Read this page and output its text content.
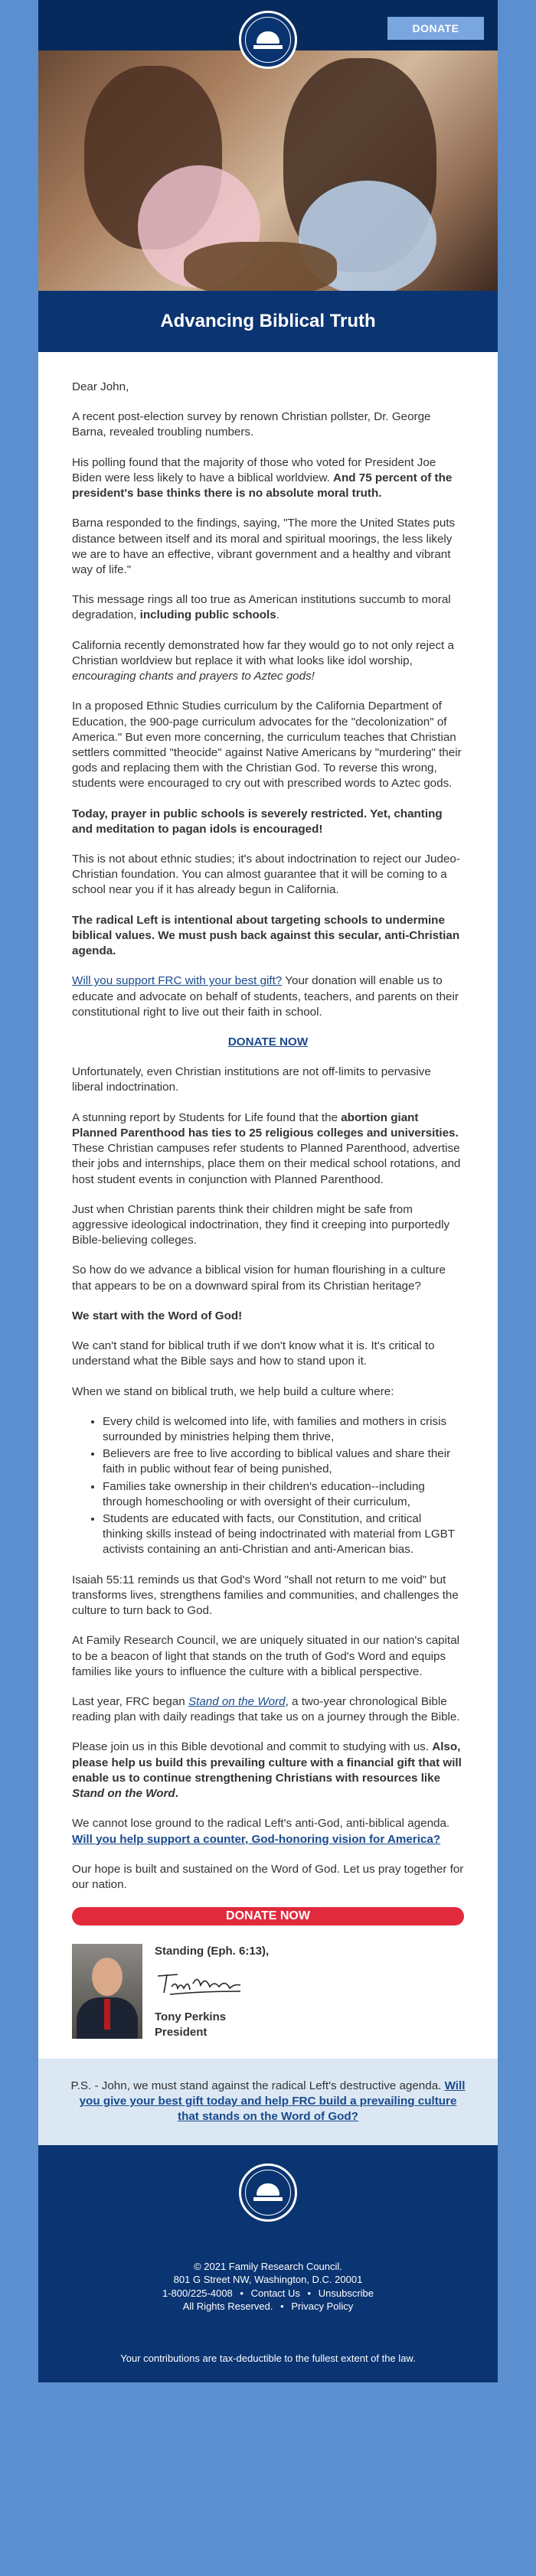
DONATE
Advancing Biblical Truth

Dear John,

A recent post-election survey by renown Christian pollster, Dr. George Barna, revealed troubling numbers.

His polling found that the majority of those who voted for President Joe Biden were less likely to have a biblical worldview. And 75 percent of the president's base thinks there is no absolute moral truth.

Barna responded to the findings, saying, "The more the United States puts distance between itself and its moral and spiritual moorings, the less likely we are to have an effective, vibrant government and a healthy and vibrant way of life."

This message rings all too true as American institutions succumb to moral degradation, including public schools.

California recently demonstrated how far they would go to not only reject a Christian worldview but replace it with what looks like idol worship, encouraging chants and prayers to Aztec gods!

In a proposed Ethnic Studies curriculum by the California Department of Education, the 900-page curriculum advocates for the "decolonization" of America." But even more concerning, the curriculum teaches that Christian settlers committed "theocide" against Native Americans by "murdering" their gods and replacing them with the Christian God. To reverse this wrong, students were encouraged to cry out with prescribed words to Aztec gods.

Today, prayer in public schools is severely restricted. Yet, chanting and meditation to pagan idols is encouraged!

This is not about ethnic studies; it's about indoctrination to reject our Judeo-Christian foundation. You can almost guarantee that it will be coming to a school near you if it has already begun in California.

The radical Left is intentional about targeting schools to undermine biblical values. We must push back against this secular, anti-Christian agenda.

Will you support FRC with your best gift? Your donation will enable us to educate and advocate on behalf of students, teachers, and parents on their constitutional right to live out their faith in school.

DONATE NOW

Unfortunately, even Christian institutions are not off-limits to pervasive liberal indoctrination.

A stunning report by Students for Life found that the abortion giant Planned Parenthood has ties to 25 religious colleges and universities. These Christian campuses refer students to Planned Parenthood, advertise their jobs and internships, place them on their medical school rotations, and host student events in conjunction with Planned Parenthood.

Just when Christian parents think their children might be safe from aggressive ideological indoctrination, they find it creeping into purportedly Bible-believing colleges.

So how do we advance a biblical vision for human flourishing in a culture that appears to be on a downward spiral from its Christian heritage?

We start with the Word of God!

We can't stand for biblical truth if we don't know what it is. It's critical to understand what the Bible says and how to stand upon it.

When we stand on biblical truth, we help build a culture where:

• Every child is welcomed into life, with families and mothers in crisis surrounded by ministries helping them thrive,
• Believers are free to live according to biblical values and share their faith in public without fear of being punished,
• Families take ownership in their children's education--including through homeschooling or with oversight of their curriculum,
• Students are educated with facts, our Constitution, and critical thinking skills instead of being indoctrinated with material from LGBT activists containing an anti-Christian and anti-American bias.

Isaiah 55:11 reminds us that God's Word "shall not return to me void" but transforms lives, strengthens families and communities, and challenges the culture to turn back to God.

At Family Research Council, we are uniquely situated in our nation's capital to be a beacon of light that stands on the truth of God's Word and equips families like yours to influence the culture with a biblical perspective.

Last year, FRC began Stand on the Word, a two-year chronological Bible reading plan with daily readings that take us on a journey through the Bible.

Please join us in this Bible devotional and commit to studying with us. Also, please help us build this prevailing culture with a financial gift that will enable us to continue strengthening Christians with resources like Stand on the Word.

We cannot lose ground to the radical Left's anti-God, anti-biblical agenda. Will you help support a counter, God-honoring vision for America?

Our hope is built and sustained on the Word of God. Let us pray together for our nation.

DONATE NOW
Standing (Eph. 6:13),
Tony Perkins
President
P.S. - John, we must stand against the radical Left's destructive agenda. Will you give your best gift today and help FRC build a prevailing culture that stands on the Word of God?
© 2021 Family Research Council.
801 G Street NW, Washington, D.C. 20001
1-800/225-4008 • Contact Us • Unsubscribe
All Rights Reserved. • Privacy Policy
Your contributions are tax-deductible to the fullest extent of the law.
